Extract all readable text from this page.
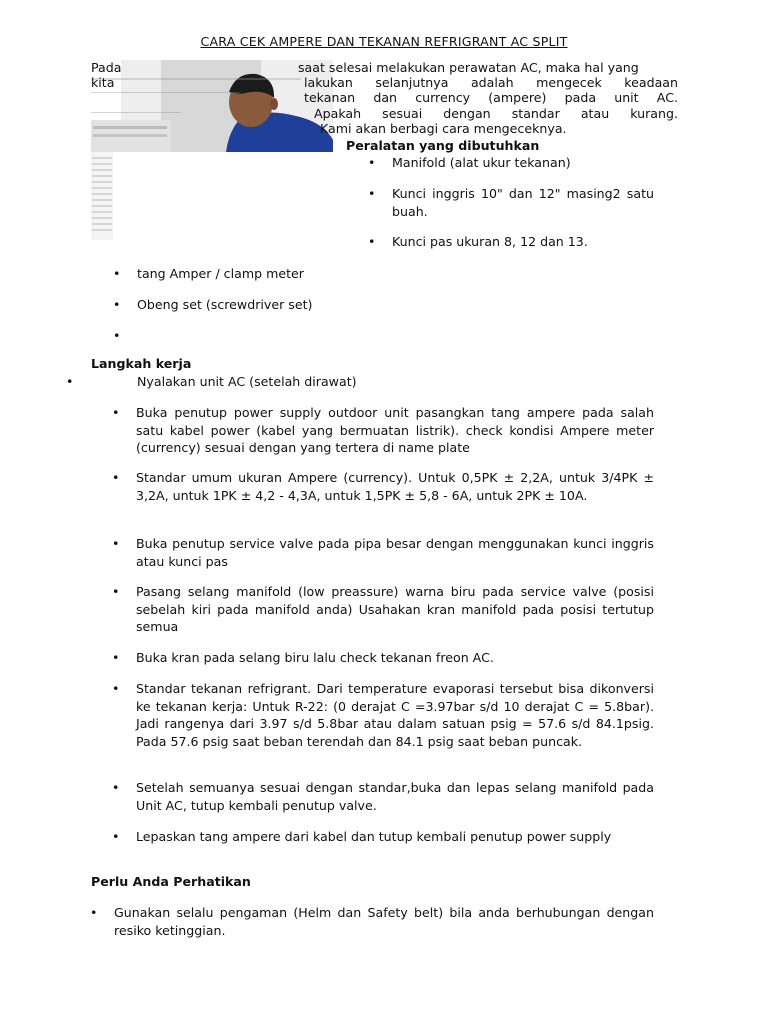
CARA CEK AMPERE DAN TEKANAN REFRIGRANT AC SPLIT
Pada
kita

saat selesai melakukan perawatan AC, maka hal yang

lakukan selanjutnya adalah mengecek keadaan

tekanan dan currency (ampere) pada unit AC.

Apakah sesuai dengan standar atau kurang.

Kami akan berbagi cara mengeceknya.

Peralatan yang dibutuhkan
• Manifold (alat ukur tekanan)
• Kunci inggris 10" dan 12" masing2 satu buah.
• Kunci pas ukuran 8, 12 dan 13.
• tang Amper / clamp meter
• Obeng set (screwdriver set)
•
Langkah kerja
•	Nyalakan unit AC (setelah dirawat)
• Buka penutup power supply outdoor unit pasangkan tang ampere pada salah satu kabel power (kabel yang bermuatan listrik). check kondisi Ampere meter (currency) sesuai dengan yang tertera di name plate
• Standar umum ukuran Ampere (currency). Untuk 0,5PK ± 2,2A, untuk 3/4PK ± 3,2A, untuk 1PK ± 4,2 - 4,3A, untuk 1,5PK ± 5,8 - 6A, untuk 2PK ± 10A.
• Buka penutup service valve pada pipa besar dengan menggunakan kunci inggris atau kunci pas
• Pasang selang manifold (low preassure) warna biru pada service valve (posisi sebelah kiri pada manifold anda) Usahakan kran manifold pada posisi tertutup semua
• Buka kran pada selang biru lalu check tekanan freon AC.
• Standar tekanan refrigrant. Dari temperature evaporasi tersebut bisa dikonversi ke tekanan kerja: Untuk R-22: (0 derajat C =3.97bar s/d 10 derajat C = 5.8bar). Jadi rangenya dari 3.97 s/d 5.8bar atau dalam satuan psig = 57.6 s/d 84.1psig. Pada 57.6 psig saat beban terendah dan 84.1 psig saat beban puncak.
• Setelah semuanya sesuai dengan standar,buka dan lepas selang manifold pada Unit AC, tutup kembali penutup valve.
• Lepaskan tang ampere dari kabel dan tutup kembali penutup power supply
Perlu Anda Perhatikan
• Gunakan selalu pengaman (Helm dan Safety belt) bila anda berhubungan dengan resiko ketinggian.
